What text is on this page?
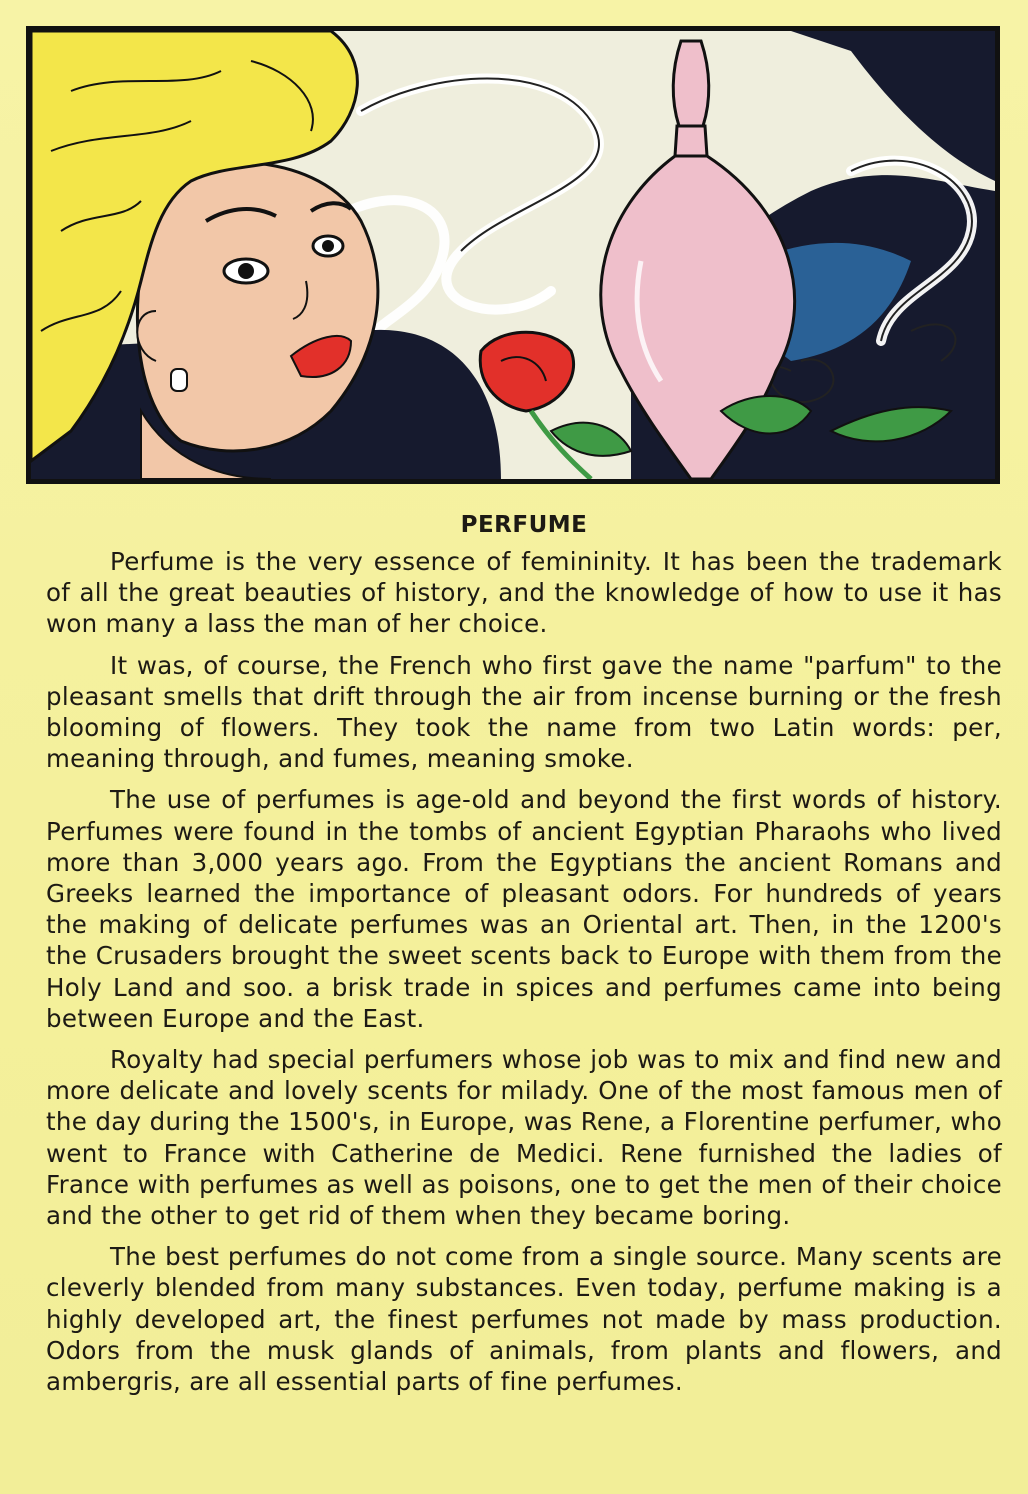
PERFUME

Perfume is the very essence of femininity. It has been the trademark of all the great beauties of history, and the knowledge of how to use it has won many a lass the man of her choice.

It was, of course, the French who first gave the name "parfum" to the pleasant smells that drift through the air from incense burning or the fresh blooming of flowers. They took the name from two Latin words: per, meaning through, and fumes, meaning smoke.

The use of perfumes is age-old and beyond the first words of history. Perfumes were found in the tombs of ancient Egyptian Pharaohs who lived more than 3,000 years ago. From the Egyptians the ancient Romans and Greeks learned the importance of pleasant odors. For hundreds of years the making of delicate perfumes was an Oriental art. Then, in the 1200's the Crusaders brought the sweet scents back to Europe with them from the Holy Land and soo. a brisk trade in spices and perfumes came into being between Europe and the East.

Royalty had special perfumers whose job was to mix and find new and more delicate and lovely scents for milady. One of the most famous men of the day during the 1500's, in Europe, was Rene, a Florentine perfumer, who went to France with Catherine de Medici. Rene furnished the ladies of France with perfumes as well as poisons, one to get the men of their choice and the other to get rid of them when they became boring.

The best perfumes do not come from a single source. Many scents are cleverly blended from many substances. Even today, perfume making is a highly developed art, the finest perfumes not made by mass production. Odors from the musk glands of animals, from plants and flowers, and ambergris, are all essential parts of fine perfumes.
